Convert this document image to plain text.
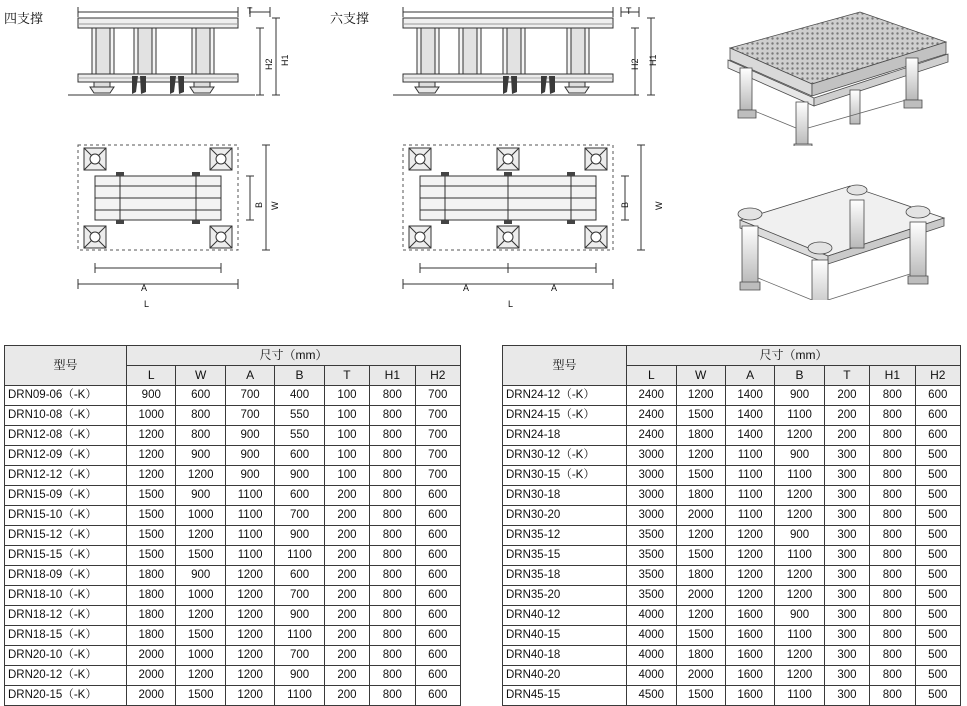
四支撑	T
H2 H1
B W
A
L
六支撑	T
H2 H1
B	W
A	A
L
型号	尺寸（mm）						
	L	W	A	B	T	H1	H2
DRN09-06（-K）	900	600	700	400	100	800	700
DRN10-08（-K）	1000	800	700	550	100	800	700
DRN12-08（-K）	1200	800	900	550	100	800	700
DRN12-09（-K）	1200	900	900	600	100	800	700
DRN12-12（-K）	1200	1200	900	900	100	800	700
DRN15-09（-K）	1500	900	1100	600	200	800	600
DRN15-10（-K）	1500	1000	1100	700	200	800	600
DRN15-12（-K）	1500	1200	1100	900	200	800	600
DRN15-15（-K）	1500	1500	1100	1100	200	800	600
DRN18-09（-K）	1800	900	1200	600	200	800	600
DRN18-10（-K）	1800	1000	1200	700	200	800	600
DRN18-12（-K）	1800	1200	1200	900	200	800	600
DRN18-15（-K）	1800	1500	1200	1100	200	800	600
DRN20-10（-K）	2000	1000	1200	700	200	800	600
DRN20-12（-K）	2000	1200	1200	900	200	800	600
DRN20-15（-K）	2000	1500	1200	1100	200	800	600
型号	尺寸（mm）						
	L	W	A	B	T	H1	H2
DRN24-12（-K）	2400	1200	1400	900	200	800	600
DRN24-15（-K）	2400	1500	1400	1100	200	800	600
DRN24-18	2400	1800	1400	1200	200	800	600
DRN30-12（-K）	3000	1200	1100	900	300	800	500
DRN30-15（-K）	3000	1500	1100	1100	300	800	500
DRN30-18	3000	1800	1100	1200	300	800	500
DRN30-20	3000	2000	1100	1200	300	800	500
DRN35-12	3500	1200	1200	900	300	800	500
DRN35-15	3500	1500	1200	1100	300	800	500
DRN35-18	3500	1800	1200	1200	300	800	500
DRN35-20	3500	2000	1200	1200	300	800	500
DRN40-12	4000	1200	1600	900	300	800	500
DRN40-15	4000	1500	1600	1100	300	800	500
DRN40-18	4000	1800	1600	1200	300	800	500
DRN40-20	4000	2000	1600	1200	300	800	500
DRN45-15	4500	1500	1600	1100	300	800	500
